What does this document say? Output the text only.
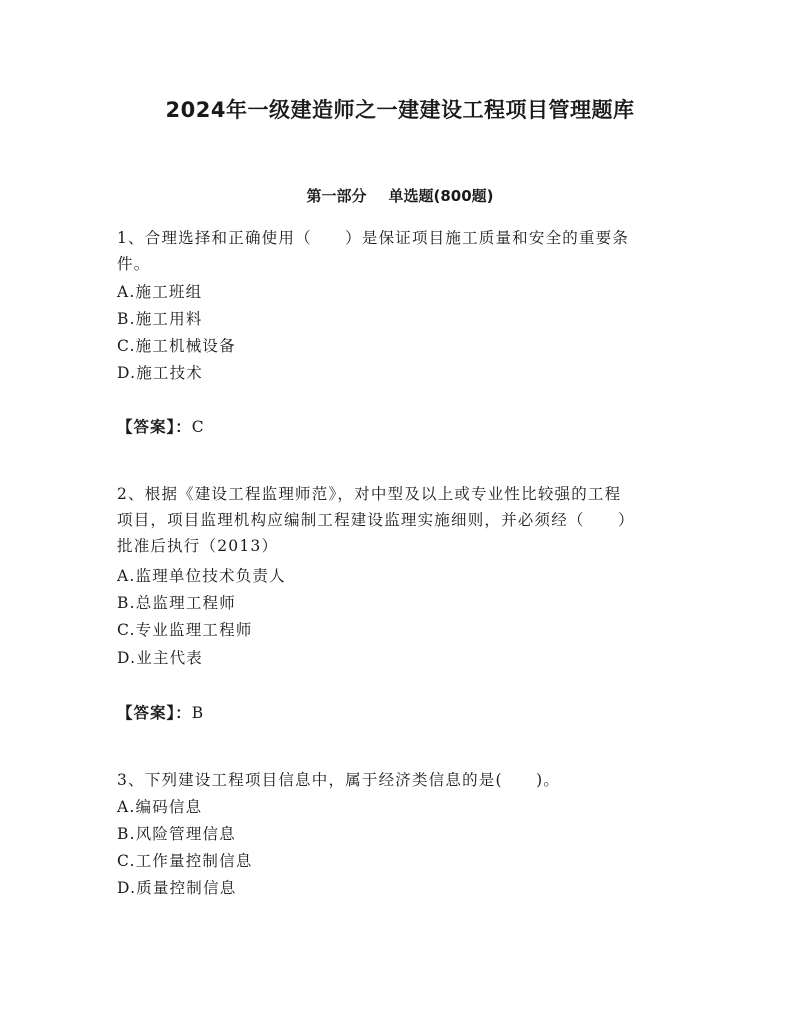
2024年一级建造师之一建建设工程项目管理题库
第一部分 单选题(800题)
1、合理选择和正确使用（　　）是保证项目施工质量和安全的重要条
件。
A.施工班组
B.施工用料
C.施工机械设备
D.施工技术
【答案】：C
2、根据《建设工程监理师范》，对中型及以上或专业性比较强的工程
项目，项目监理机构应编制工程建设监理实施细则，并必须经（　　）
批准后执行（2013）
A.监理单位技术负责人
B.总监理工程师
C.专业监理工程师
D.业主代表
【答案】：B
3、下列建设工程项目信息中，属于经济类信息的是(　　)。
A.编码信息
B.风险管理信息
C.工作量控制信息
D.质量控制信息
